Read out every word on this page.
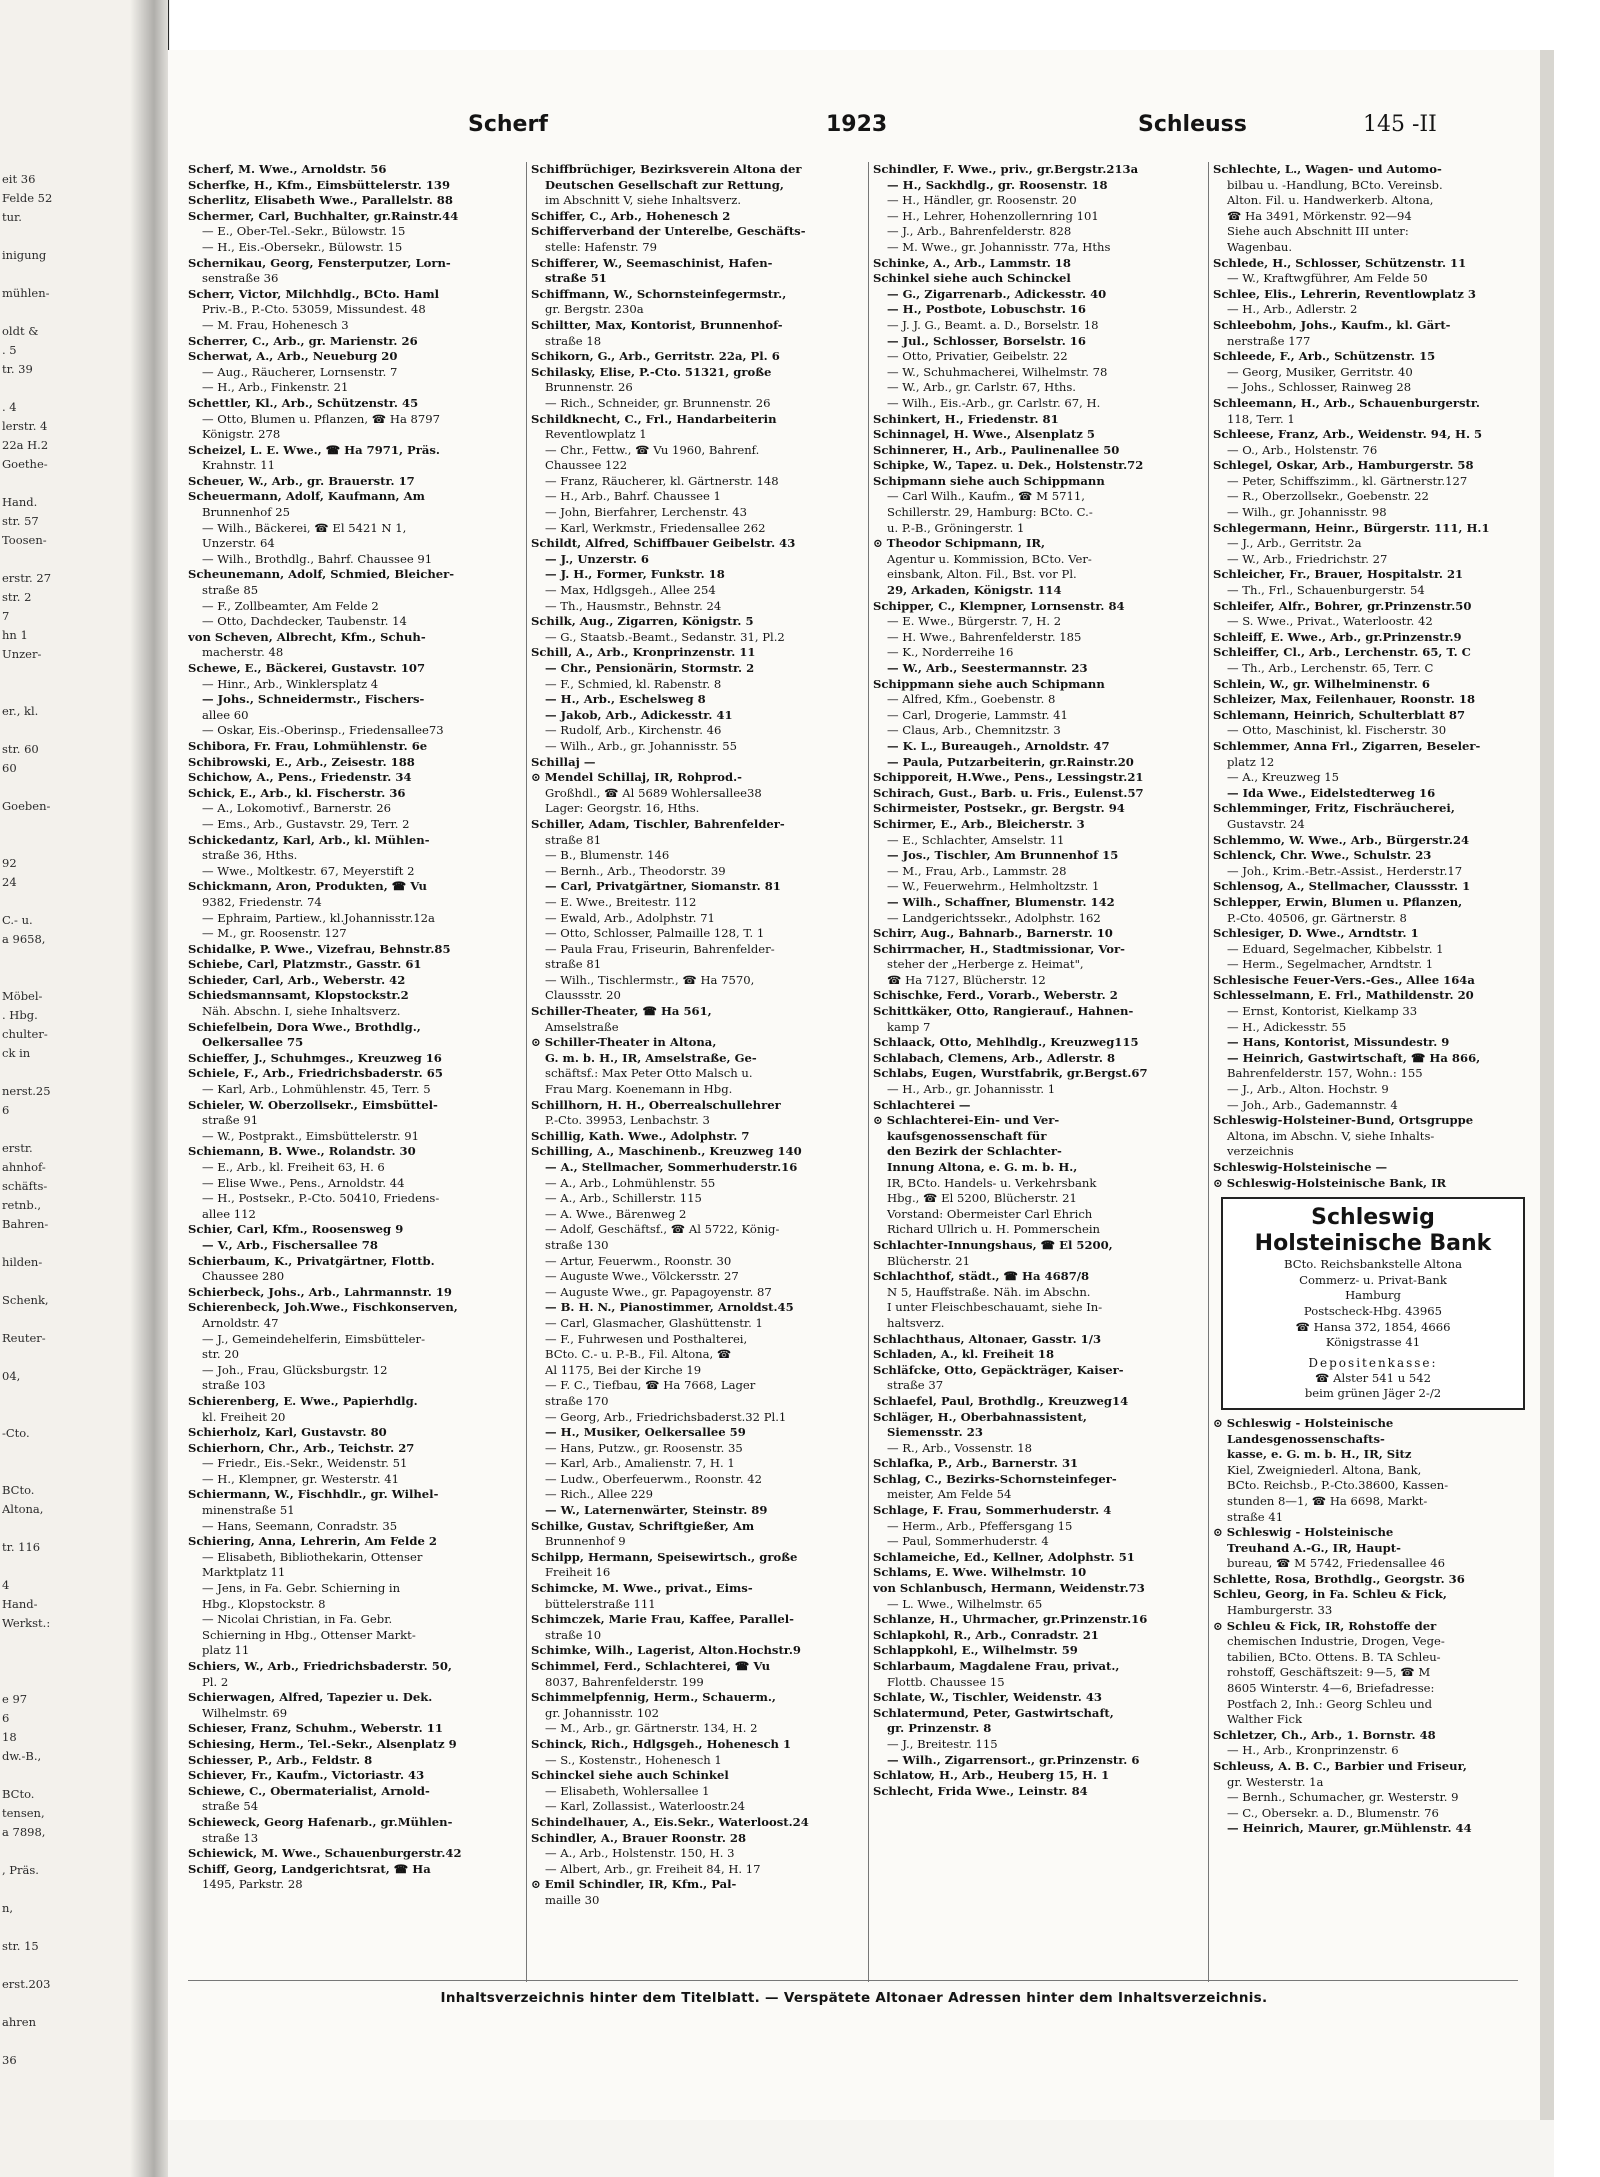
eit 36
Felde 52
tur.
inigung
mühlen-
oldt &
. 5
tr. 39
. 4
lerstr. 4
22a H.2
Goethe-
Hand.
str. 57
Toosen-
erstr. 27
str. 2
7
hn 1
Unzer-
er., kl.
str. 60
60
Goeben-
92
24
C.- u.
a 9658,
Möbel-
. Hbg.
chulter-
ck in
nerst.25
6
erstr.
ahnhof-
schäfts-
retnb.,
Bahren-
hilden-
Schenk,
Reuter-
04,
-Cto.
BCto.
Altona,
tr. 116
4
Hand-
Werkst.:
e 97
6
18
dw.-B.,
BCto.
tensen,
a 7898,
, Präs.
n,
str. 15
erst.203
ahren
36
Scherf	1923	Schleuss	145 -II
Scherf, M. Wwe., Arnoldstr. 56
Scherfke, H., Kfm., Eimsbüttelerstr. 139
Scherlitz, Elisabeth Wwe., Parallelstr. 88
Schermer, Carl, Buchhalter, gr.Rainstr.44
— E., Ober-Tel.-Sekr., Bülowstr. 15
— H., Eis.-Obersekr., Bülowstr. 15
Schernikau, Georg, Fensterputzer, Lorn-
senstraße 36
Scherr, Victor, Milchhdlg., BCto. Haml
Priv.-B., P.-Cto. 53059, Missundest. 48
— M. Frau, Hohenesch 3
Scherrer, C., Arb., gr. Marienstr. 26
Scherwat, A., Arb., Neueburg 20
— Aug., Räucherer, Lornsenstr. 7
— H., Arb., Finkenstr. 21
Schettler, Kl., Arb., Schützenstr. 45
— Otto, Blumen u. Pflanzen, ☎ Ha 8797
Königstr. 278
Scheizel, L. E. Wwe., ☎ Ha 7971, Präs.
Krahnstr. 11
Scheuer, W., Arb., gr. Brauerstr. 17
Scheuermann, Adolf, Kaufmann, Am
Brunnenhof 25
— Wilh., Bäckerei, ☎ El 5421 N 1,
Unzerstr. 64
— Wilh., Brothdlg., Bahrf. Chaussee 91
Scheunemann, Adolf, Schmied, Bleicher-
straße 85
— F., Zollbeamter, Am Felde 2
— Otto, Dachdecker, Taubenstr. 14
von Scheven, Albrecht, Kfm., Schuh-
macherstr. 48
Schewe, E., Bäckerei, Gustavstr. 107
— Hinr., Arb., Winklersplatz 4
— Johs., Schneidermstr., Fischers-
allee 60
— Oskar, Eis.-Oberinsp., Friedensallee73
Schibora, Fr. Frau, Lohmühlenstr. 6e
Schibrowski, E., Arb., Zeisestr. 188
Schichow, A., Pens., Friedenstr. 34
Schick, E., Arb., kl. Fischerstr. 36
— A., Lokomotivf., Barnerstr. 26
— Ems., Arb., Gustavstr. 29, Terr. 2
Schickedantz, Karl, Arb., kl. Mühlen-
straße 36, Hths.
— Wwe., Moltkestr. 67, Meyerstift 2
Schickmann, Aron, Produkten, ☎ Vu
9382, Friedenstr. 74
— Ephraim, Partiew., kl.Johannisstr.12a
— M., gr. Roosenstr. 127
Schidalke, P. Wwe., Vizefrau, Behnstr.85
Schiebe, Carl, Platzmstr., Gasstr. 61
Schieder, Carl, Arb., Weberstr. 42
Schiedsmannsamt, Klopstockstr.2
Näh. Abschn. I, siehe Inhaltsverz.
Schiefelbein, Dora Wwe., Brothdlg.,
Oelkersallee 75
Schieffer, J., Schuhmges., Kreuzweg 16
Schiele, F., Arb., Friedrichsbaderstr. 65
— Karl, Arb., Lohmühlenstr. 45, Terr. 5
Schieler, W. Oberzollsekr., Eimsbüttel-
straße 91
— W., Postprakt., Eimsbüttelerstr. 91
Schiemann, B. Wwe., Rolandstr. 30
— E., Arb., kl. Freiheit 63, H. 6
— Elise Wwe., Pens., Arnoldstr. 44
— H., Postsekr., P.-Cto. 50410, Friedens-
allee 112
Schier, Carl, Kfm., Roosensweg 9
— V., Arb., Fischersallee 78
Schierbaum, K., Privatgärtner, Flottb.
Chaussee 280
Schierbeck, Johs., Arb., Lahrmannstr. 19
Schierenbeck, Joh.Wwe., Fischkonserven,
Arnoldstr. 47
— J., Gemeindehelferin, Eimsbütteler-
str. 20
— Joh., Frau, Glücksburgstr. 12
straße 103
Schierenberg, E. Wwe., Papierhdlg.
kl. Freiheit 20
Schierholz, Karl, Gustavstr. 80
Schierhorn, Chr., Arb., Teichstr. 27
— Friedr., Eis.-Sekr., Weidenstr. 51
— H., Klempner, gr. Westerstr. 41
Schiermann, W., Fischhdlr., gr. Wilhel-
minenstraße 51
— Hans, Seemann, Conradstr. 35
Schiering, Anna, Lehrerin, Am Felde 2
— Elisabeth, Bibliothekarin, Ottenser
Marktplatz 11
— Jens, in Fa. Gebr. Schierning in
Hbg., Klopstockstr. 8
— Nicolai Christian, in Fa. Gebr.
Schierning in Hbg., Ottenser Markt-
platz 11
Schiers, W., Arb., Friedrichsbaderstr. 50,
Pl. 2
Schierwagen, Alfred, Tapezier u. Dek.
Wilhelmstr. 69
Schieser, Franz, Schuhm., Weberstr. 11
Schiesing, Herm., Tel.-Sekr., Alsenplatz 9
Schiesser, P., Arb., Feldstr. 8
Schiever, Fr., Kaufm., Victoriastr. 43
Schiewe, C., Obermaterialist, Arnold-
straße 54
Schieweck, Georg Hafenarb., gr.Mühlen-
straße 13
Schiewick, M. Wwe., Schauenburgerstr.42
Schiff, Georg, Landgerichtsrat, ☎ Ha
1495, Parkstr. 28
Schiffbrüchiger, Bezirksverein Altona der
Deutschen Gesellschaft zur Rettung,
im Abschnitt V, siehe Inhaltsverz.
Schiffer, C., Arb., Hohenesch 2
Schifferverband der Unterelbe, Geschäfts-
stelle: Hafenstr. 79
Schifferer, W., Seemaschinist, Hafen-
straße 51
Schiffmann, W., Schornsteinfegermstr.,
gr. Bergstr. 230a
Schiltter, Max, Kontorist, Brunnenhof-
straße 18
Schikorn, G., Arb., Gerritstr. 22a, Pl. 6
Schilasky, Elise, P.-Cto. 51321, große
Brunnenstr. 26
— Rich., Schneider, gr. Brunnenstr. 26
Schildknecht, C., Frl., Handarbeiterin
Reventlowplatz 1
— Chr., Fettw., ☎ Vu 1960, Bahrenf.
Chaussee 122
— Franz, Räucherer, kl. Gärtnerstr. 148
— H., Arb., Bahrf. Chaussee 1
— John, Bierfahrer, Lerchenstr. 43
— Karl, Werkmstr., Friedensallee 262
Schildt, Alfred, Schiffbauer Geibelstr. 43
— J., Unzerstr. 6
— J. H., Former, Funkstr. 18
— Max, Hdlgsgeh., Allee 254
— Th., Hausmstr., Behnstr. 24
Schilk, Aug., Zigarren, Königstr. 5
— G., Staatsb.-Beamt., Sedanstr. 31, Pl.2
Schill, A., Arb., Kronprinzenstr. 11
— Chr., Pensionärin, Stormstr. 2
— F., Schmied, kl. Rabenstr. 8
— H., Arb., Eschelsweg 8
— Jakob, Arb., Adickesstr. 41
— Rudolf, Arb., Kirchenstr. 46
— Wilh., Arb., gr. Johannisstr. 55
Schillaj —
⊙ Mendel Schillaj, IR, Rohprod.-
Großhdl., ☎ Al 5689 Wohlersallee38
Lager: Georgstr. 16, Hths.
Schiller, Adam, Tischler, Bahrenfelder-
straße 81
— B., Blumenstr. 146
— Bernh., Arb., Theodorstr. 39
— Carl, Privatgärtner, Siomanstr. 81
— E. Wwe., Breitestr. 112
— Ewald, Arb., Adolphstr. 71
— Otto, Schlosser, Palmaille 128, T. 1
— Paula Frau, Friseurin, Bahrenfelder-
straße 81
— Wilh., Tischlermstr., ☎ Ha 7570,
Claussstr. 20
Schiller-Theater, ☎ Ha 561,
Amselstraße
⊙ Schiller-Theater in Altona,
G. m. b. H., IR, Amselstraße, Ge-
schäftsf.: Max Peter Otto Malsch u.
Frau Marg. Koenemann in Hbg.
Schillhorn, H. H., Oberrealschullehrer
P.-Cto. 39953, Lenbachstr. 3
Schillig, Kath. Wwe., Adolphstr. 7
Schilling, A., Maschinenb., Kreuzweg 140
— A., Stellmacher, Sommerhuderstr.16
— A., Arb., Lohmühlenstr. 55
— A., Arb., Schillerstr. 115
— A. Wwe., Bärenweg 2
— Adolf, Geschäftsf., ☎ Al 5722, König-
straße 130
— Artur, Feuerwm., Roonstr. 30
— Auguste Wwe., Völckersstr. 27
— Auguste Wwe., gr. Papagoyenstr. 87
— B. H. N., Pianostimmer, Arnoldst.45
— Carl, Glasmacher, Glashüttenstr. 1
— F., Fuhrwesen und Posthalterei,
BCto. C.- u. P.-B., Fil. Altona, ☎
Al 1175, Bei der Kirche 19
— F. C., Tiefbau, ☎ Ha 7668, Lager
straße 170
— Georg, Arb., Friedrichsbaderst.32 Pl.1
— H., Musiker, Oelkersallee 59
— Hans, Putzw., gr. Roosenstr. 35
— Karl, Arb., Amalienstr. 7, H. 1
— Ludw., Oberfeuerwm., Roonstr. 42
— Rich., Allee 229
— W., Laternenwärter, Steinstr. 89
Schilke, Gustav, Schriftgießer, Am
Brunnenhof 9
Schilpp, Hermann, Speisewirtsch., große
Freiheit 16
Schimcke, M. Wwe., privat., Eims-
büttelerstraße 111
Schimczek, Marie Frau, Kaffee, Parallel-
straße 10
Schimke, Wilh., Lagerist, Alton.Hochstr.9
Schimmel, Ferd., Schlachterei, ☎ Vu
8037, Bahrenfelderstr. 199
Schimmelpfennig, Herm., Schauerm.,
gr. Johannisstr. 102
— M., Arb., gr. Gärtnerstr. 134, H. 2
Schinck, Rich., Hdlgsgeh., Hohenesch 1
— S., Kostenstr., Hohenesch 1
Schinckel siehe auch Schinkel
— Elisabeth, Wohlersallee 1
— Karl, Zollassist., Waterloostr.24
Schindelhauer, A., Eis.Sekr., Waterloost.24
Schindler, A., Brauer Roonstr. 28
— A., Arb., Holstenstr. 150, H. 3
— Albert, Arb., gr. Freiheit 84, H. 17
⊙ Emil Schindler, IR, Kfm., Pal-
maille 30
Schindler, F. Wwe., priv., gr.Bergstr.213a
— H., Sackhdlg., gr. Roosenstr. 18
— H., Händler, gr. Roosenstr. 20
— H., Lehrer, Hohenzollernring 101
— J., Arb., Bahrenfelderstr. 828
— M. Wwe., gr. Johannisstr. 77a, Hths
Schinke, A., Arb., Lammstr. 18
Schinkel siehe auch Schinckel
— G., Zigarrenarb., Adickesstr. 40
— H., Postbote, Lobuschstr. 16
— J. J. G., Beamt. a. D., Borselstr. 18
— Jul., Schlosser, Borselstr. 16
— Otto, Privatier, Geibelstr. 22
— W., Schuhmacherei, Wilhelmstr. 78
— W., Arb., gr. Carlstr. 67, Hths.
— Wilh., Eis.-Arb., gr. Carlstr. 67, H.
Schinkert, H., Friedenstr. 81
Schinnagel, H. Wwe., Alsenplatz 5
Schinnerer, H., Arb., Paulinenallee 50
Schipke, W., Tapez. u. Dek., Holstenstr.72
Schipmann siehe auch Schippmann
— Carl Wilh., Kaufm., ☎ M 5711,
Schillerstr. 29, Hamburg: BCto. C.-
u. P.-B., Gröningerstr. 1
⊙ Theodor Schipmann, IR,
Agentur u. Kommission, BCto. Ver-
einsbank, Alton. Fil., Bst. vor Pl.
29, Arkaden, Königstr. 114
Schipper, C., Klempner, Lornsenstr. 84
— E. Wwe., Bürgerstr. 7, H. 2
— H. Wwe., Bahrenfelderstr. 185
— K., Norderreihe 16
— W., Arb., Seestermannstr. 23
Schippmann siehe auch Schipmann
— Alfred, Kfm., Goebenstr. 8
— Carl, Drogerie, Lammstr. 41
— Claus, Arb., Chemnitzstr. 3
— K. L., Bureaugeh., Arnoldstr. 47
— Paula, Putzarbeiterin, gr.Rainstr.20
Schipporeit, H.Wwe., Pens., Lessingstr.21
Schirach, Gust., Barb. u. Fris., Eulenst.57
Schirmeister, Postsekr., gr. Bergstr. 94
Schirmer, E., Arb., Bleicherstr. 3
— E., Schlachter, Amselstr. 11
— Jos., Tischler, Am Brunnenhof 15
— M., Frau, Arb., Lammstr. 28
— W., Feuerwehrm., Helmholtzstr. 1
— Wilh., Schaffner, Blumenstr. 142
— Landgerichtssekr., Adolphstr. 162
Schirr, Aug., Bahnarb., Barnerstr. 10
Schirrmacher, H., Stadtmissionar, Vor-
steher der „Herberge z. Heimat",
☎ Ha 7127, Blücherstr. 12
Schischke, Ferd., Vorarb., Weberstr. 2
Schittkäker, Otto, Rangierauf., Hahnen-
kamp 7
Schlaack, Otto, Mehlhdlg., Kreuzweg115
Schlabach, Clemens, Arb., Adlerstr. 8
Schlabs, Eugen, Wurstfabrik, gr.Bergst.67
— H., Arb., gr. Johannisstr. 1
Schlachterei —
⊙ Schlachterei-Ein- und Ver-
kaufsgenossenschaft für
den Bezirk der Schlachter-
Innung Altona, e. G. m. b. H.,
IR, BCto. Handels- u. Verkehrsbank
Hbg., ☎ El 5200, Blücherstr. 21
Vorstand: Obermeister Carl Ehrich
Richard Ullrich u. H. Pommerschein
Schlachter-Innungshaus, ☎ El 5200,
Blücherstr. 21
Schlachthof, städt., ☎ Ha 4687/8
N 5, Hauffstraße. Näh. im Abschn.
I unter Fleischbeschauamt, siehe In-
haltsverz.
Schlachthaus, Altonaer, Gasstr. 1/3
Schladen, A., kl. Freiheit 18
Schläfcke, Otto, Gepäckträger, Kaiser-
straße 37
Schlaefel, Paul, Brothdlg., Kreuzweg14
Schläger, H., Oberbahnassistent,
Siemensstr. 23
— R., Arb., Vossenstr. 18
Schlafka, P., Arb., Barnerstr. 31
Schlag, C., Bezirks-Schornsteinfeger-
meister, Am Felde 54
Schlage, F. Frau, Sommerhuderstr. 4
— Herm., Arb., Pfeffersgang 15
— Paul, Sommerhuderstr. 4
Schlameiche, Ed., Kellner, Adolphstr. 51
Schlams, E. Wwe. Wilhelmstr. 10
von Schlanbusch, Hermann, Weidenstr.73
— L. Wwe., Wilhelmstr. 65
Schlanze, H., Uhrmacher, gr.Prinzenstr.16
Schlapkohl, R., Arb., Conradstr. 21
Schlappkohl, E., Wilhelmstr. 59
Schlarbaum, Magdalene Frau, privat.,
Flottb. Chaussee 15
Schlate, W., Tischler, Weidenstr. 43
Schlatermund, Peter, Gastwirtschaft,
gr. Prinzenstr. 8
— J., Breitestr. 115
— Wilh., Zigarrensort., gr.Prinzenstr. 6
Schlatow, H., Arb., Heuberg 15, H. 1
Schlecht, Frida Wwe., Leinstr. 84
Schlechte, L., Wagen- und Automo-
bilbau u. -Handlung, BCto. Vereinsb.
Alton. Fil. u. Handwerkerb. Altona,
☎ Ha 3491, Mörkenstr. 92—94
Siehe auch Abschnitt III unter:
Wagenbau.
Schlede, H., Schlosser, Schützenstr. 11
— W., Kraftwgführer, Am Felde 50
Schlee, Elis., Lehrerin, Reventlowplatz 3
— H., Arb., Adlerstr. 2
Schleebohm, Johs., Kaufm., kl. Gärt-
nerstraße 177
Schleede, F., Arb., Schützenstr. 15
— Georg, Musiker, Gerritstr. 40
— Johs., Schlosser, Rainweg 28
Schleemann, H., Arb., Schauenburgerstr.
118, Terr. 1
Schleese, Franz, Arb., Weidenstr. 94, H. 5
— O., Arb., Holstenstr. 76
Schlegel, Oskar, Arb., Hamburgerstr. 58
— Peter, Schiffszimm., kl. Gärtnerstr.127
— R., Oberzollsekr., Goebenstr. 22
— Wilh., gr. Johannisstr. 98
Schlegermann, Heinr., Bürgerstr. 111, H.1
— J., Arb., Gerritstr. 2a
— W., Arb., Friedrichstr. 27
Schleicher, Fr., Brauer, Hospitalstr. 21
— Th., Frl., Schauenburgerstr. 54
Schleifer, Alfr., Bohrer, gr.Prinzenstr.50
— S. Wwe., Privat., Waterloostr. 42
Schleiff, E. Wwe., Arb., gr.Prinzenstr.9
Schleiffer, Cl., Arb., Lerchenstr. 65, T. C
— Th., Arb., Lerchenstr. 65, Terr. C
Schlein, W., gr. Wilhelminenstr. 6
Schleizer, Max, Feilenhauer, Roonstr. 18
Schlemann, Heinrich, Schulterblatt 87
— Otto, Maschinist, kl. Fischerstr. 30
Schlemmer, Anna Frl., Zigarren, Beseler-
platz 12
— A., Kreuzweg 15
— Ida Wwe., Eidelstedterweg 16
Schlemminger, Fritz, Fischräucherei,
Gustavstr. 24
Schlemmo, W. Wwe., Arb., Bürgerstr.24
Schlenck, Chr. Wwe., Schulstr. 23
— Joh., Krim.-Betr.-Assist., Herderstr.17
Schlensog, A., Stellmacher, Claussstr. 1
Schlepper, Erwin, Blumen u. Pflanzen,
P.-Cto. 40506, gr. Gärtnerstr. 8
Schlesiger, D. Wwe., Arndtstr. 1
— Eduard, Segelmacher, Kibbelstr. 1
— Herm., Segelmacher, Arndtstr. 1
Schlesische Feuer-Vers.-Ges., Allee 164a
Schlesselmann, E. Frl., Mathildenstr. 20
— Ernst, Kontorist, Kielkamp 33
— H., Adickesstr. 55
— Hans, Kontorist, Missundestr. 9
— Heinrich, Gastwirtschaft, ☎ Ha 866,
Bahrenfelderstr. 157, Wohn.: 155
— J., Arb., Alton. Hochstr. 9
— Joh., Arb., Gademannstr. 4
Schleswig-Holsteiner-Bund, Ortsgruppe
Altona, im Abschn. V, siehe Inhalts-
verzeichnis
Schleswig-Holsteinische —
⊙ Schleswig-Holsteinische Bank, IR
Schleswig
Holsteinische Bank
BCto. Reichsbankstelle Altona
Commerz- u. Privat-Bank
Hamburg
Postscheck-Hbg. 43965
☎ Hansa 372, 1854, 4666
Königstrasse 41
Depositenkasse:
☎ Alster 541 u 542
beim grünen Jäger 2-/2
⊙ Schleswig - Holsteinische
Landesgenossenschafts-
kasse, e. G. m. b. H., IR, Sitz
Kiel, Zweigniederl. Altona, Bank,
BCto. Reichsb., P.-Cto.38600, Kassen-
stunden 8—1, ☎ Ha 6698, Markt-
straße 41
⊙ Schleswig - Holsteinische
Treuhand A.-G., IR, Haupt-
bureau, ☎ M 5742, Friedensallee 46
Schlette, Rosa, Brothdlg., Georgstr. 36
Schleu, Georg, in Fa. Schleu & Fick,
Hamburgerstr. 33
⊙ Schleu & Fick, IR, Rohstoffe der
chemischen Industrie, Drogen, Vege-
tabilien, BCto. Ottens. B. TA Schleu-
rohstoff, Geschäftszeit: 9—5, ☎ M
8605 Winterstr. 4—6, Briefadresse:
Postfach 2, Inh.: Georg Schleu und
Walther Fick
Schletzer, Ch., Arb., 1. Bornstr. 48
— H., Arb., Kronprinzenstr. 6
Schleuss, A. B. C., Barbier und Friseur,
gr. Westerstr. 1a
— Bernh., Schumacher, gr. Westerstr. 9
— C., Obersekr. a. D., Blumenstr. 76
— Heinrich, Maurer, gr.Mühlenstr. 44
Inhaltsverzeichnis hinter dem Titelblatt. — Verspätete Altonaer Adressen hinter dem Inhaltsverzeichnis.
